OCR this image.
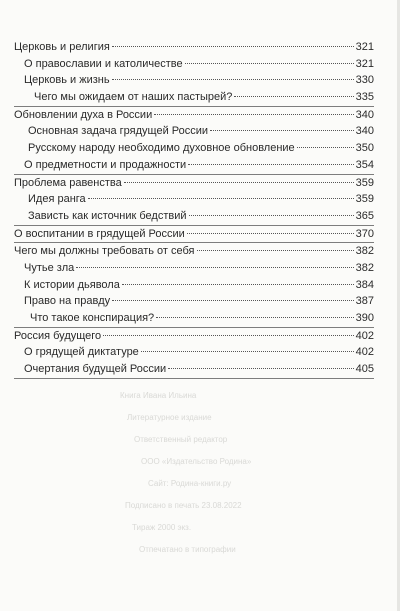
Церковь и религия	321
О православии и католичестве	321
Церковь и жизнь	330
Чего мы ожидаем от наших пастырей?	335
Обновлении духа в России	340
Основная задача грядущей России	340
Русскому народу необходимо духовное обновление	350
О предметности и продажности	354
Проблема равенства	359
Идея ранга	359
Зависть как источник бедствий	365
О воспитании в грядущей России	370
Чего мы должны требовать от себя	382
Чутье зла	382
К истории дьявола	384
Право на правду	387
Что такое конспирация?	390
Россия будущего	402
О грядущей диктатуре	402
Очертания будущей России	405
Книга Ивана Ильина
Литературное издание
Ответственный редактор
ООО «Издательство Родина»
Сайт: Родина-книги.ру
Подписано в печать 23.08.2022
Тираж 2000 экз.
Отпечатано в типографии
